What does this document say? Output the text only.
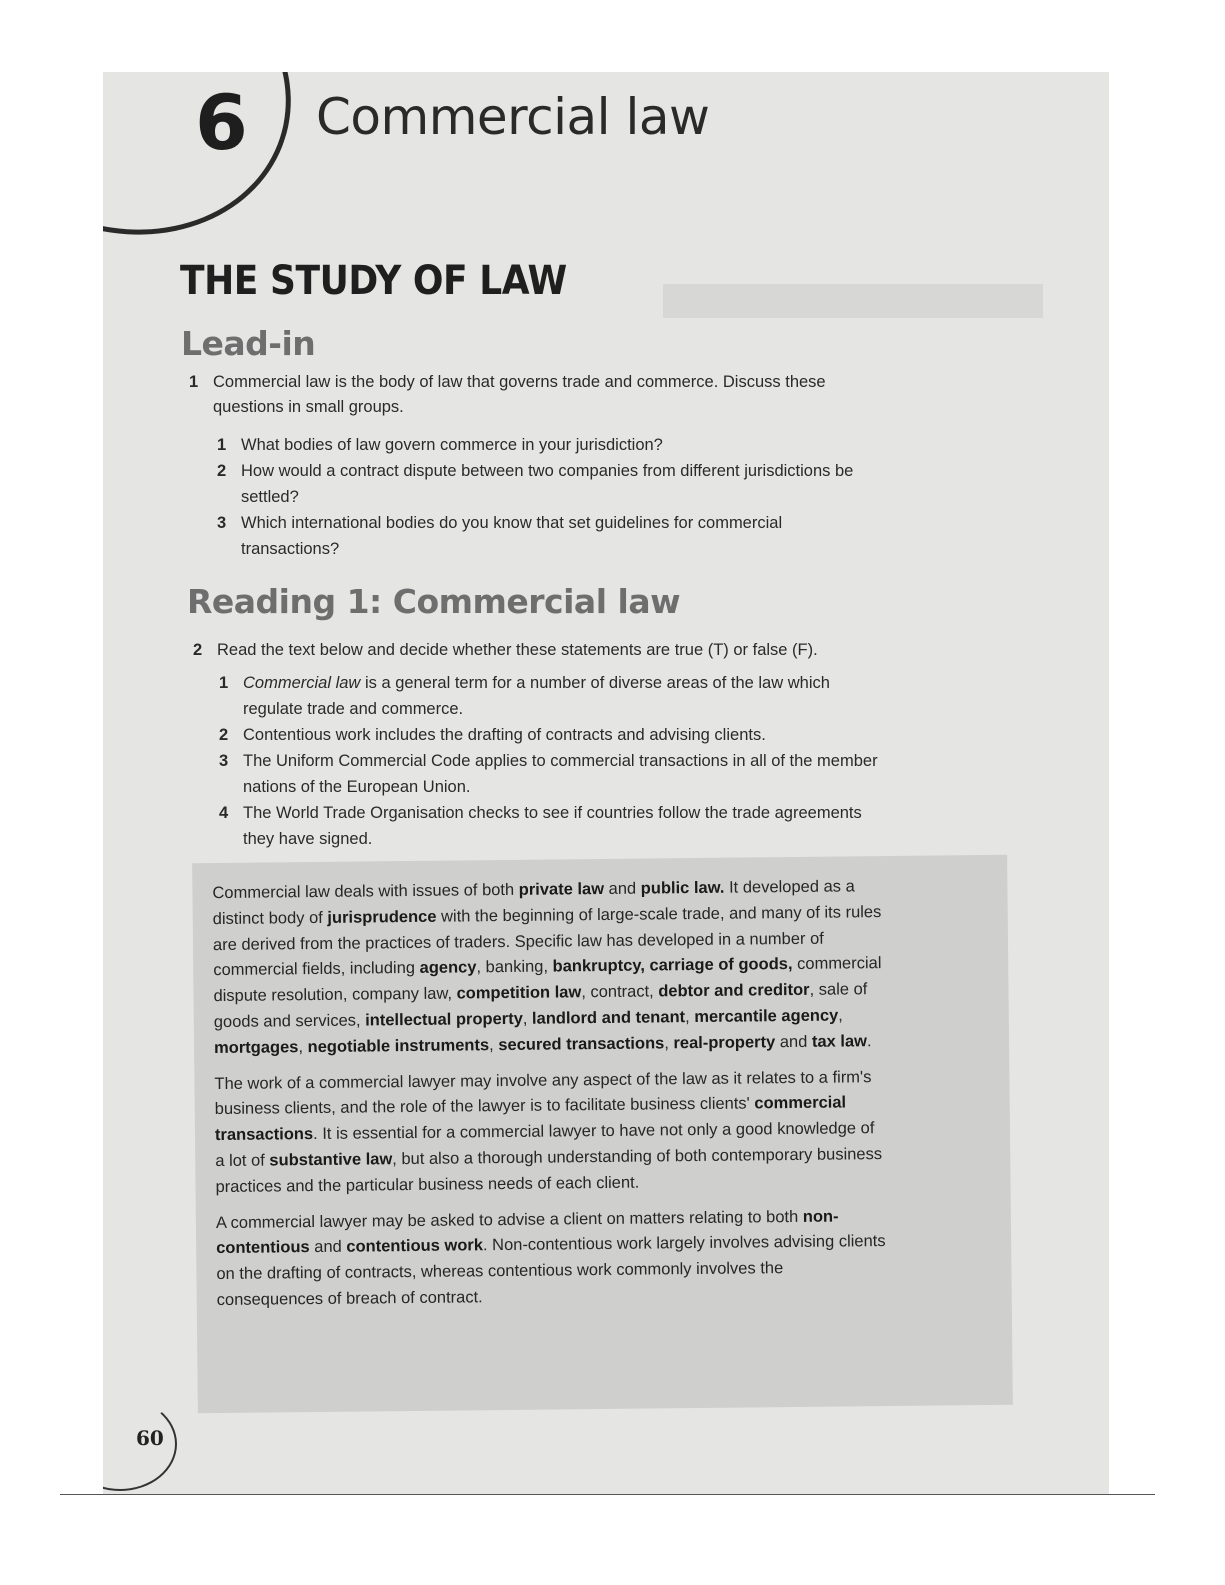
6 Commercial law
THE STUDY OF LAW
Lead-in
1 Commercial law is the body of law that governs trade and commerce. Discuss these questions in small groups.
1 What bodies of law govern commerce in your jurisdiction?
2 How would a contract dispute between two companies from different jurisdictions be settled?
3 Which international bodies do you know that set guidelines for commercial transactions?
Reading 1: Commercial law
2 Read the text below and decide whether these statements are true (T) or false (F).
1 Commercial law is a general term for a number of diverse areas of the law which regulate trade and commerce.
2 Contentious work includes the drafting of contracts and advising clients.
3 The Uniform Commercial Code applies to commercial transactions in all of the member nations of the European Union.
4 The World Trade Organisation checks to see if countries follow the trade agreements they have signed.

Commercial law deals with issues of both private law and public law. It developed as a distinct body of jurisprudence with the beginning of large-scale trade, and many of its rules are derived from the practices of traders. Specific law has developed in a number of commercial fields, including agency, banking, bankruptcy, carriage of goods, commercial dispute resolution, company law, competition law, contract, debtor and creditor, sale of goods and services, intellectual property, landlord and tenant, mercantile agency, mortgages, negotiable instruments, secured transactions, real-property and tax law.

The work of a commercial lawyer may involve any aspect of the law as it relates to a firm's business clients, and the role of the lawyer is to facilitate business clients' commercial transactions. It is essential for a commercial lawyer to have not only a good knowledge of a lot of substantive law, but also a thorough understanding of both contemporary business practices and the particular business needs of each client.

A commercial lawyer may be asked to advise a client on matters relating to both non-contentious and contentious work. Non-contentious work largely involves advising clients on the drafting of contracts, whereas contentious work commonly involves the consequences of breach of contract.

60
